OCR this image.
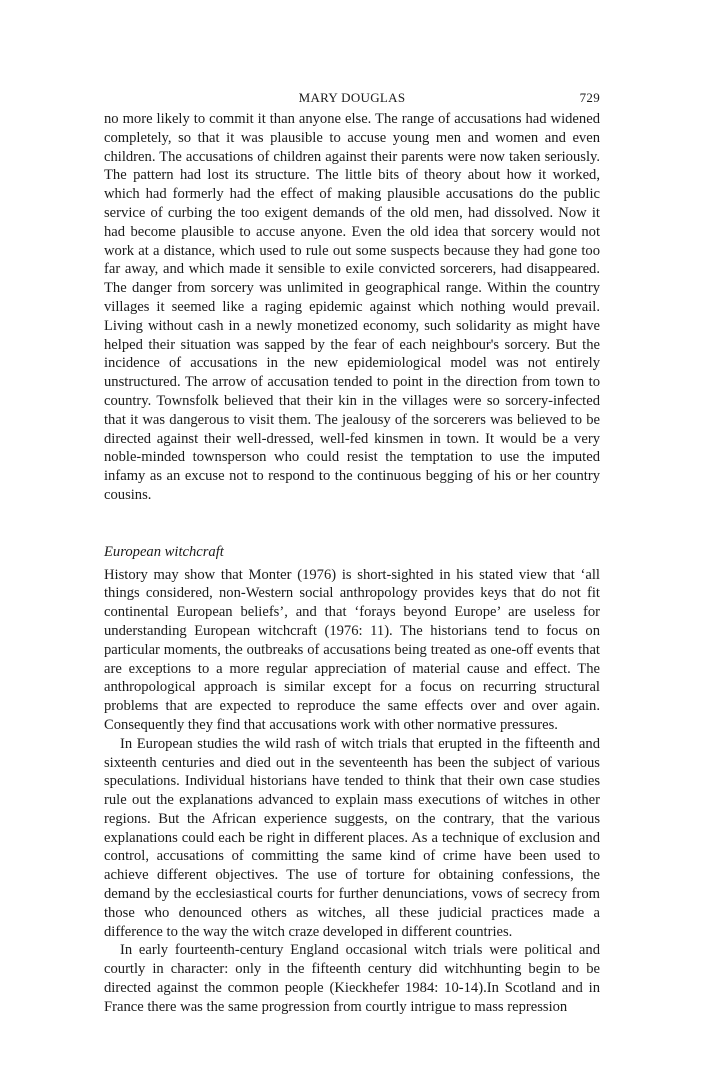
MARY DOUGLAS	729

no more likely to commit it than anyone else. The range of accusations had widened completely, so that it was plausible to accuse young men and women and even children. The accusations of children against their parents were now taken seriously. The pattern had lost its structure. The little bits of theory about how it worked, which had formerly had the effect of making plausible accusations do the public service of curbing the too exigent demands of the old men, had dissolved. Now it had become plausible to accuse anyone. Even the old idea that sorcery would not work at a distance, which used to rule out some suspects because they had gone too far away, and which made it sensible to exile convicted sorcerers, had disappeared. The danger from sorcery was unlimited in geographical range. Within the country villages it seemed like a raging epidemic against which nothing would prevail. Living without cash in a newly monetized economy, such solidarity as might have helped their situation was sapped by the fear of each neighbour's sorcery. But the incidence of accusations in the new epidemiological model was not entirely unstructured. The arrow of accusation tended to point in the direction from town to country. Townsfolk believed that their kin in the villages were so sorcery-infected that it was dangerous to visit them. The jealousy of the sorcerers was believed to be directed against their well-dressed, well-fed kinsmen in town. It would be a very noble-minded townsperson who could resist the temptation to use the imputed infamy as an excuse not to respond to the continuous begging of his or her country cousins.

European witchcraft

History may show that Monter (1976) is short-sighted in his stated view that ‘all things considered, non-Western social anthropology provides keys that do not fit continental European beliefs’, and that ‘forays beyond Europe’ are useless for understanding European witchcraft (1976: 11). The historians tend to focus on particular moments, the outbreaks of accusations being treated as one-off events that are exceptions to a more regular appreciation of material cause and effect. The anthropological approach is similar except for a focus on recurring structural problems that are expected to reproduce the same effects over and over again. Consequently they find that accusations work with other normative pressures.

In European studies the wild rash of witch trials that erupted in the fifteenth and sixteenth centuries and died out in the seventeenth has been the subject of various speculations. Individual historians have tended to think that their own case studies rule out the explanations advanced to explain mass executions of witches in other regions. But the African experience suggests, on the contrary, that the various explanations could each be right in different places. As a technique of exclusion and control, accusations of committing the same kind of crime have been used to achieve different objectives. The use of torture for obtaining confessions, the demand by the ecclesiastical courts for further denunciations, vows of secrecy from those who denounced others as witches, all these judicial practices made a difference to the way the witch craze developed in different countries.

In early fourteenth-century England occasional witch trials were political and courtly in character: only in the fifteenth century did witchhunting begin to be directed against the common people (Kieckhefer 1984: 10-14).In Scotland and in France there was the same progression from courtly intrigue to mass repression
